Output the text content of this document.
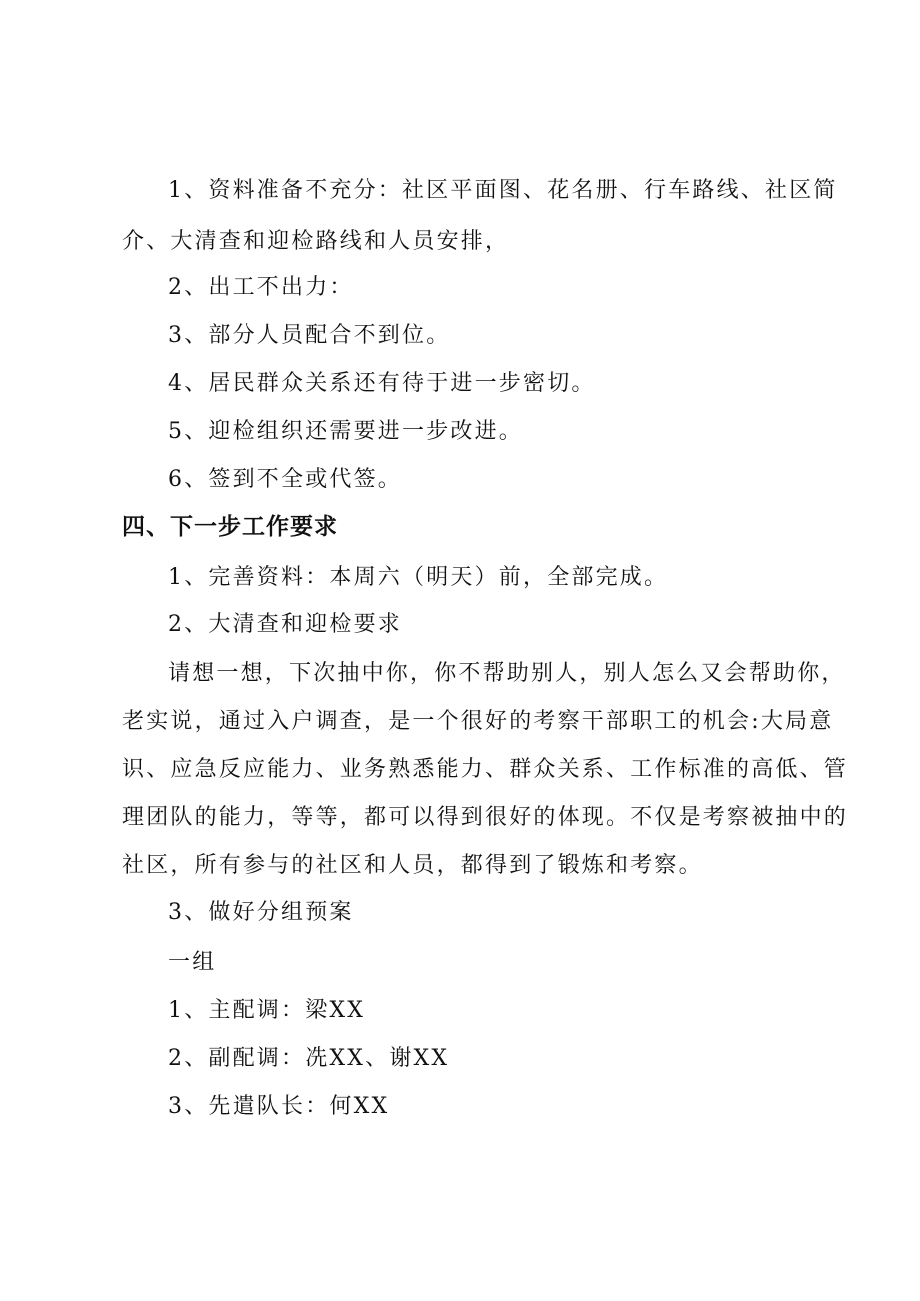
1、资料准备不充分：社区平面图、花名册、行车路线、社区简
介、大清查和迎检路线和人员安排，
2、出工不出力：
3、部分人员配合不到位。
4、居民群众关系还有待于进一步密切。
5、迎检组织还需要进一步改进。
6、签到不全或代签。
四、下一步工作要求
1、完善资料：本周六（明天）前，全部完成。
2、大清查和迎检要求
请想一想，下次抽中你，你不帮助别人，别人怎么又会帮助你，
老实说，通过入户调查，是一个很好的考察干部职工的机会:大局意
识、应急反应能力、业务熟悉能力、群众关系、工作标准的高低、管
理团队的能力，等等，都可以得到很好的体现。不仅是考察被抽中的
社区，所有参与的社区和人员，都得到了锻炼和考察。
3、做好分组预案
一组
1、主配调：梁XX
2、副配调：冼XX、谢XX
3、先遣队长：何XX
